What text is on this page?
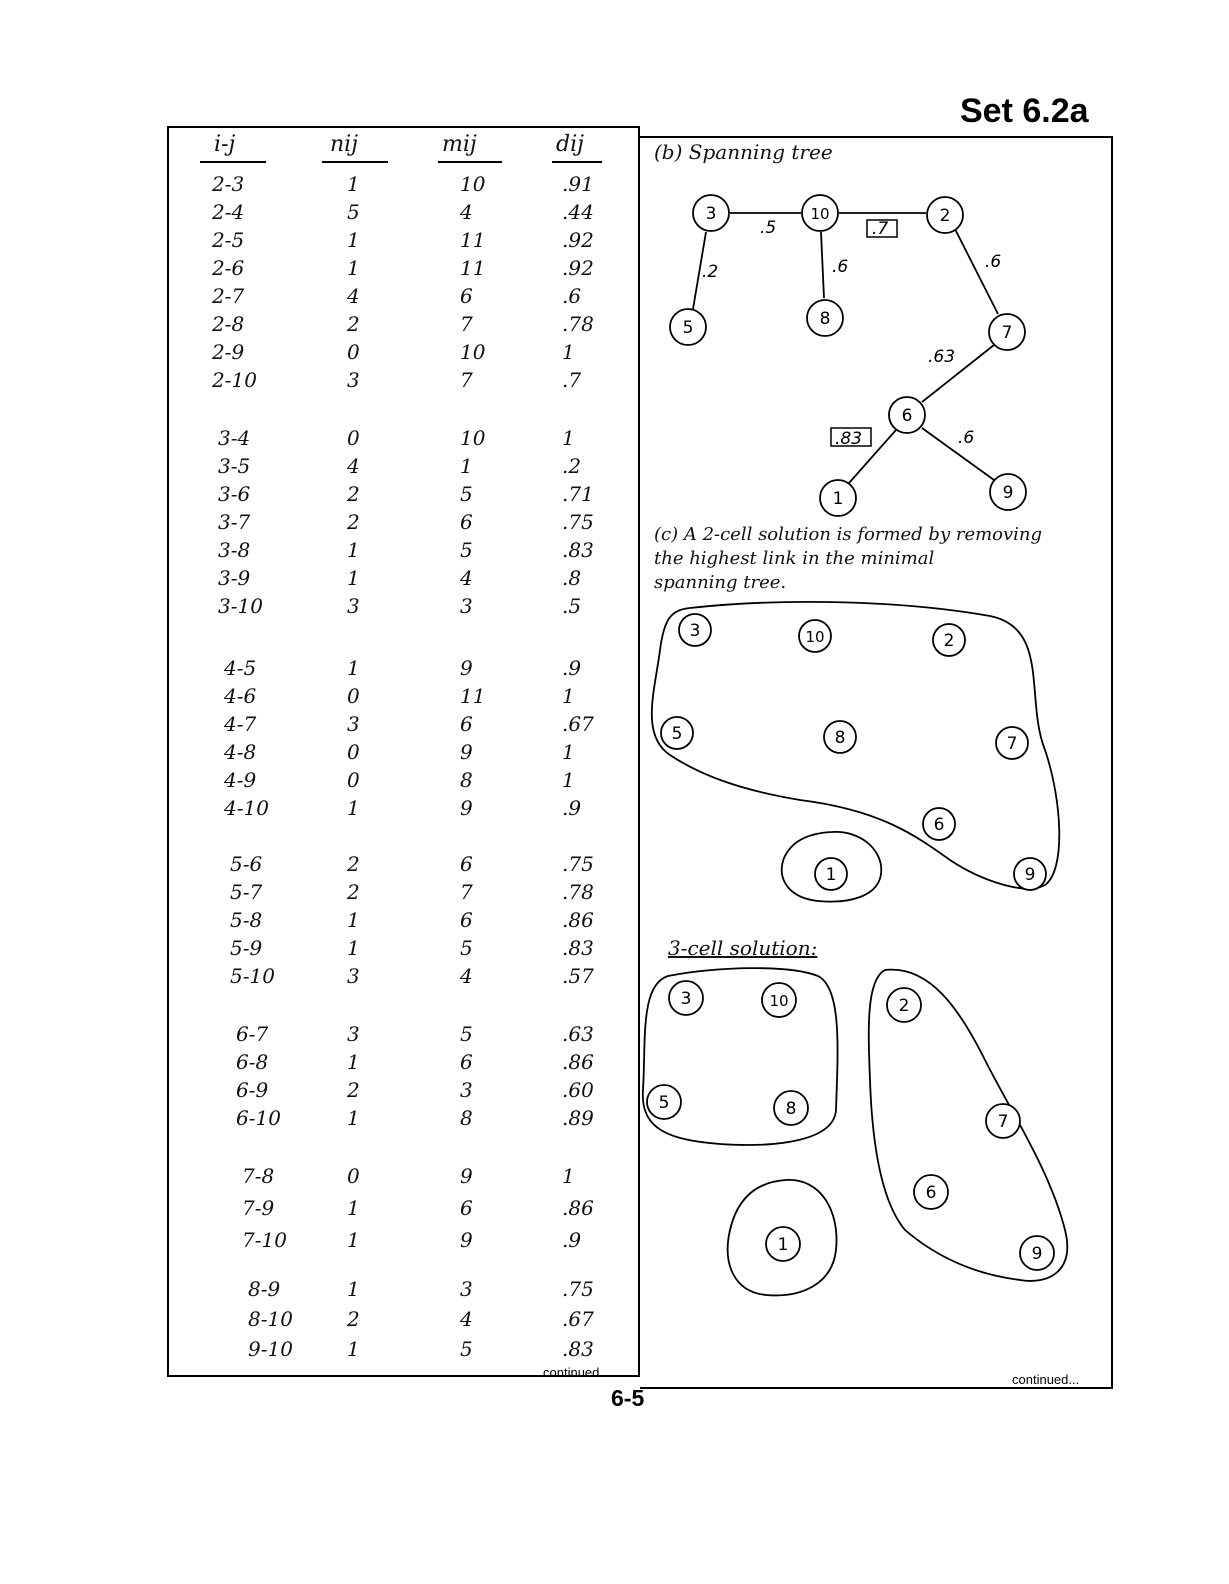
Set 6.2a
i-j	nij	mij	dij
2-3	1	10	.91
2-4	5	4	.44
2-5	1	11	.92
2-6	1	11	.92
2-7	4	6	.6
2-8	2	7	.78
2-9	0	10	1
2-10	3	7	.7
3-4	0	10	1
3-5	4	1	.2
3-6	2	5	.71
3-7	2	6	.75
3-8	1	5	.83
3-9	1	4	.8
3-10	3	3	.5
4-5	1	9	.9
4-6	0	11	1
4-7	3	6	.67
4-8	0	9	1
4-9	0	8	1
4-10	1	9	.9
5-6	2	6	.75
5-7	2	7	.78
5-8	1	6	.86
5-9	1	5	.83
5-10	3	4	.57
6-7	3	5	.63
6-8	1	6	.86
6-9	2	3	.60
6-10	1	8	.89
7-8	0	9	1
7-9	1	6	.86
7-10	1	9	.9
8-9	1	3	.75
8-10	2	4	.67
9-10	1	5	.83
continued...	continued...
(b) Spanning tree
(c) A 2-cell solution is formed by removing
the highest link in the minimal
spanning tree.
3-cell solution:
.5	.7
.2	.6	.6
.63
.83	.6
3	10	2
5	8
7
6
1	9
3	10	2
5	8	7
6
9
1
3	10
5	8
2
7
6
9
1
6-5
